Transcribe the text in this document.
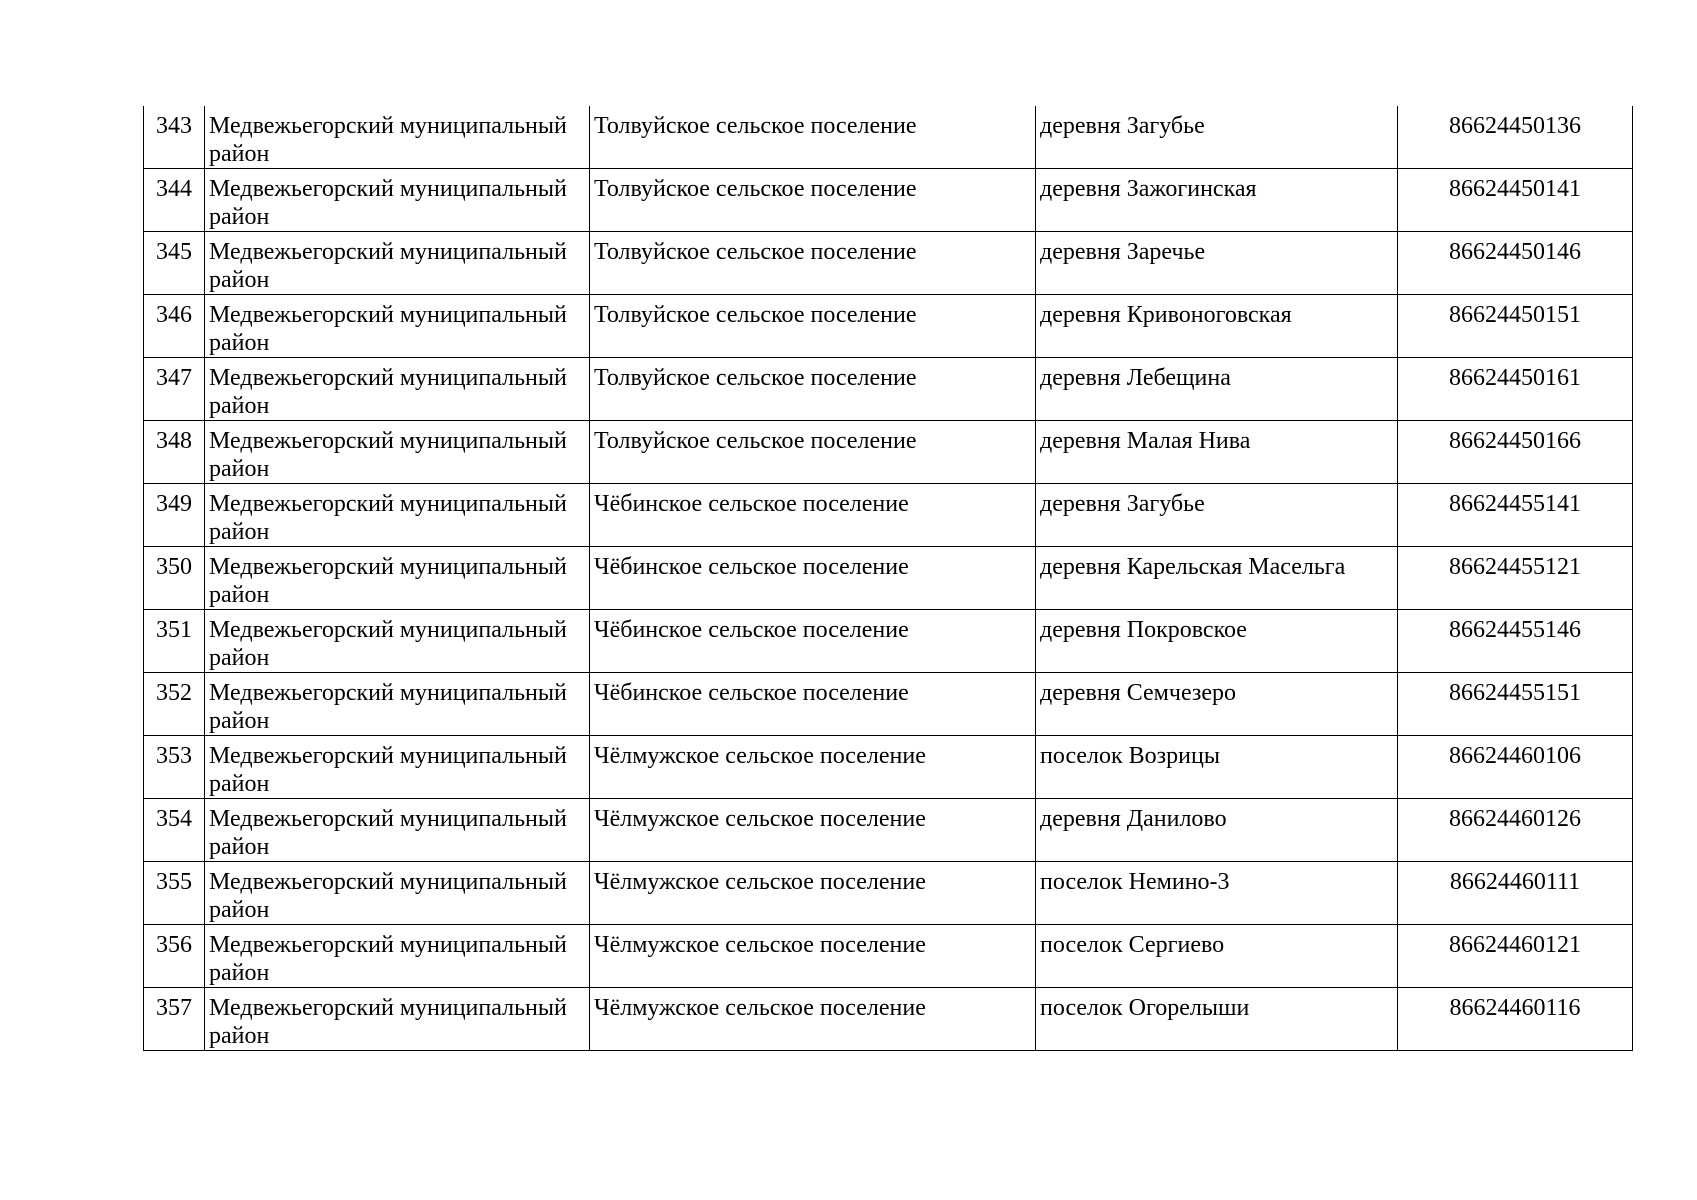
343	Медвежьегорский муниципальный район	Толвуйское сельское поселение	деревня Загубье	86624450136
344	Медвежьегорский муниципальный район	Толвуйское сельское поселение	деревня Зажогинская	86624450141
345	Медвежьегорский муниципальный район	Толвуйское сельское поселение	деревня Заречье	86624450146
346	Медвежьегорский муниципальный район	Толвуйское сельское поселение	деревня Кривоноговская	86624450151
347	Медвежьегорский муниципальный район	Толвуйское сельское поселение	деревня Лебещина	86624450161
348	Медвежьегорский муниципальный район	Толвуйское сельское поселение	деревня Малая Нива	86624450166
349	Медвежьегорский муниципальный район	Чёбинское сельское поселение	деревня Загубье	86624455141
350	Медвежьегорский муниципальный район	Чёбинское сельское поселение	деревня Карельская Масельга	86624455121
351	Медвежьегорский муниципальный район	Чёбинское сельское поселение	деревня Покровское	86624455146
352	Медвежьегорский муниципальный район	Чёбинское сельское поселение	деревня Семчезеро	86624455151
353	Медвежьегорский муниципальный район	Чёлмужское сельское поселение	поселок Возрицы	86624460106
354	Медвежьегорский муниципальный район	Чёлмужское сельское поселение	деревня Данилово	86624460126
355	Медвежьегорский муниципальный район	Чёлмужское сельское поселение	поселок Немино-3	86624460111
356	Медвежьегорский муниципальный район	Чёлмужское сельское поселение	поселок Сергиево	86624460121
357	Медвежьегорский муниципальный район	Чёлмужское сельское поселение	поселок Огорелыши	86624460116
